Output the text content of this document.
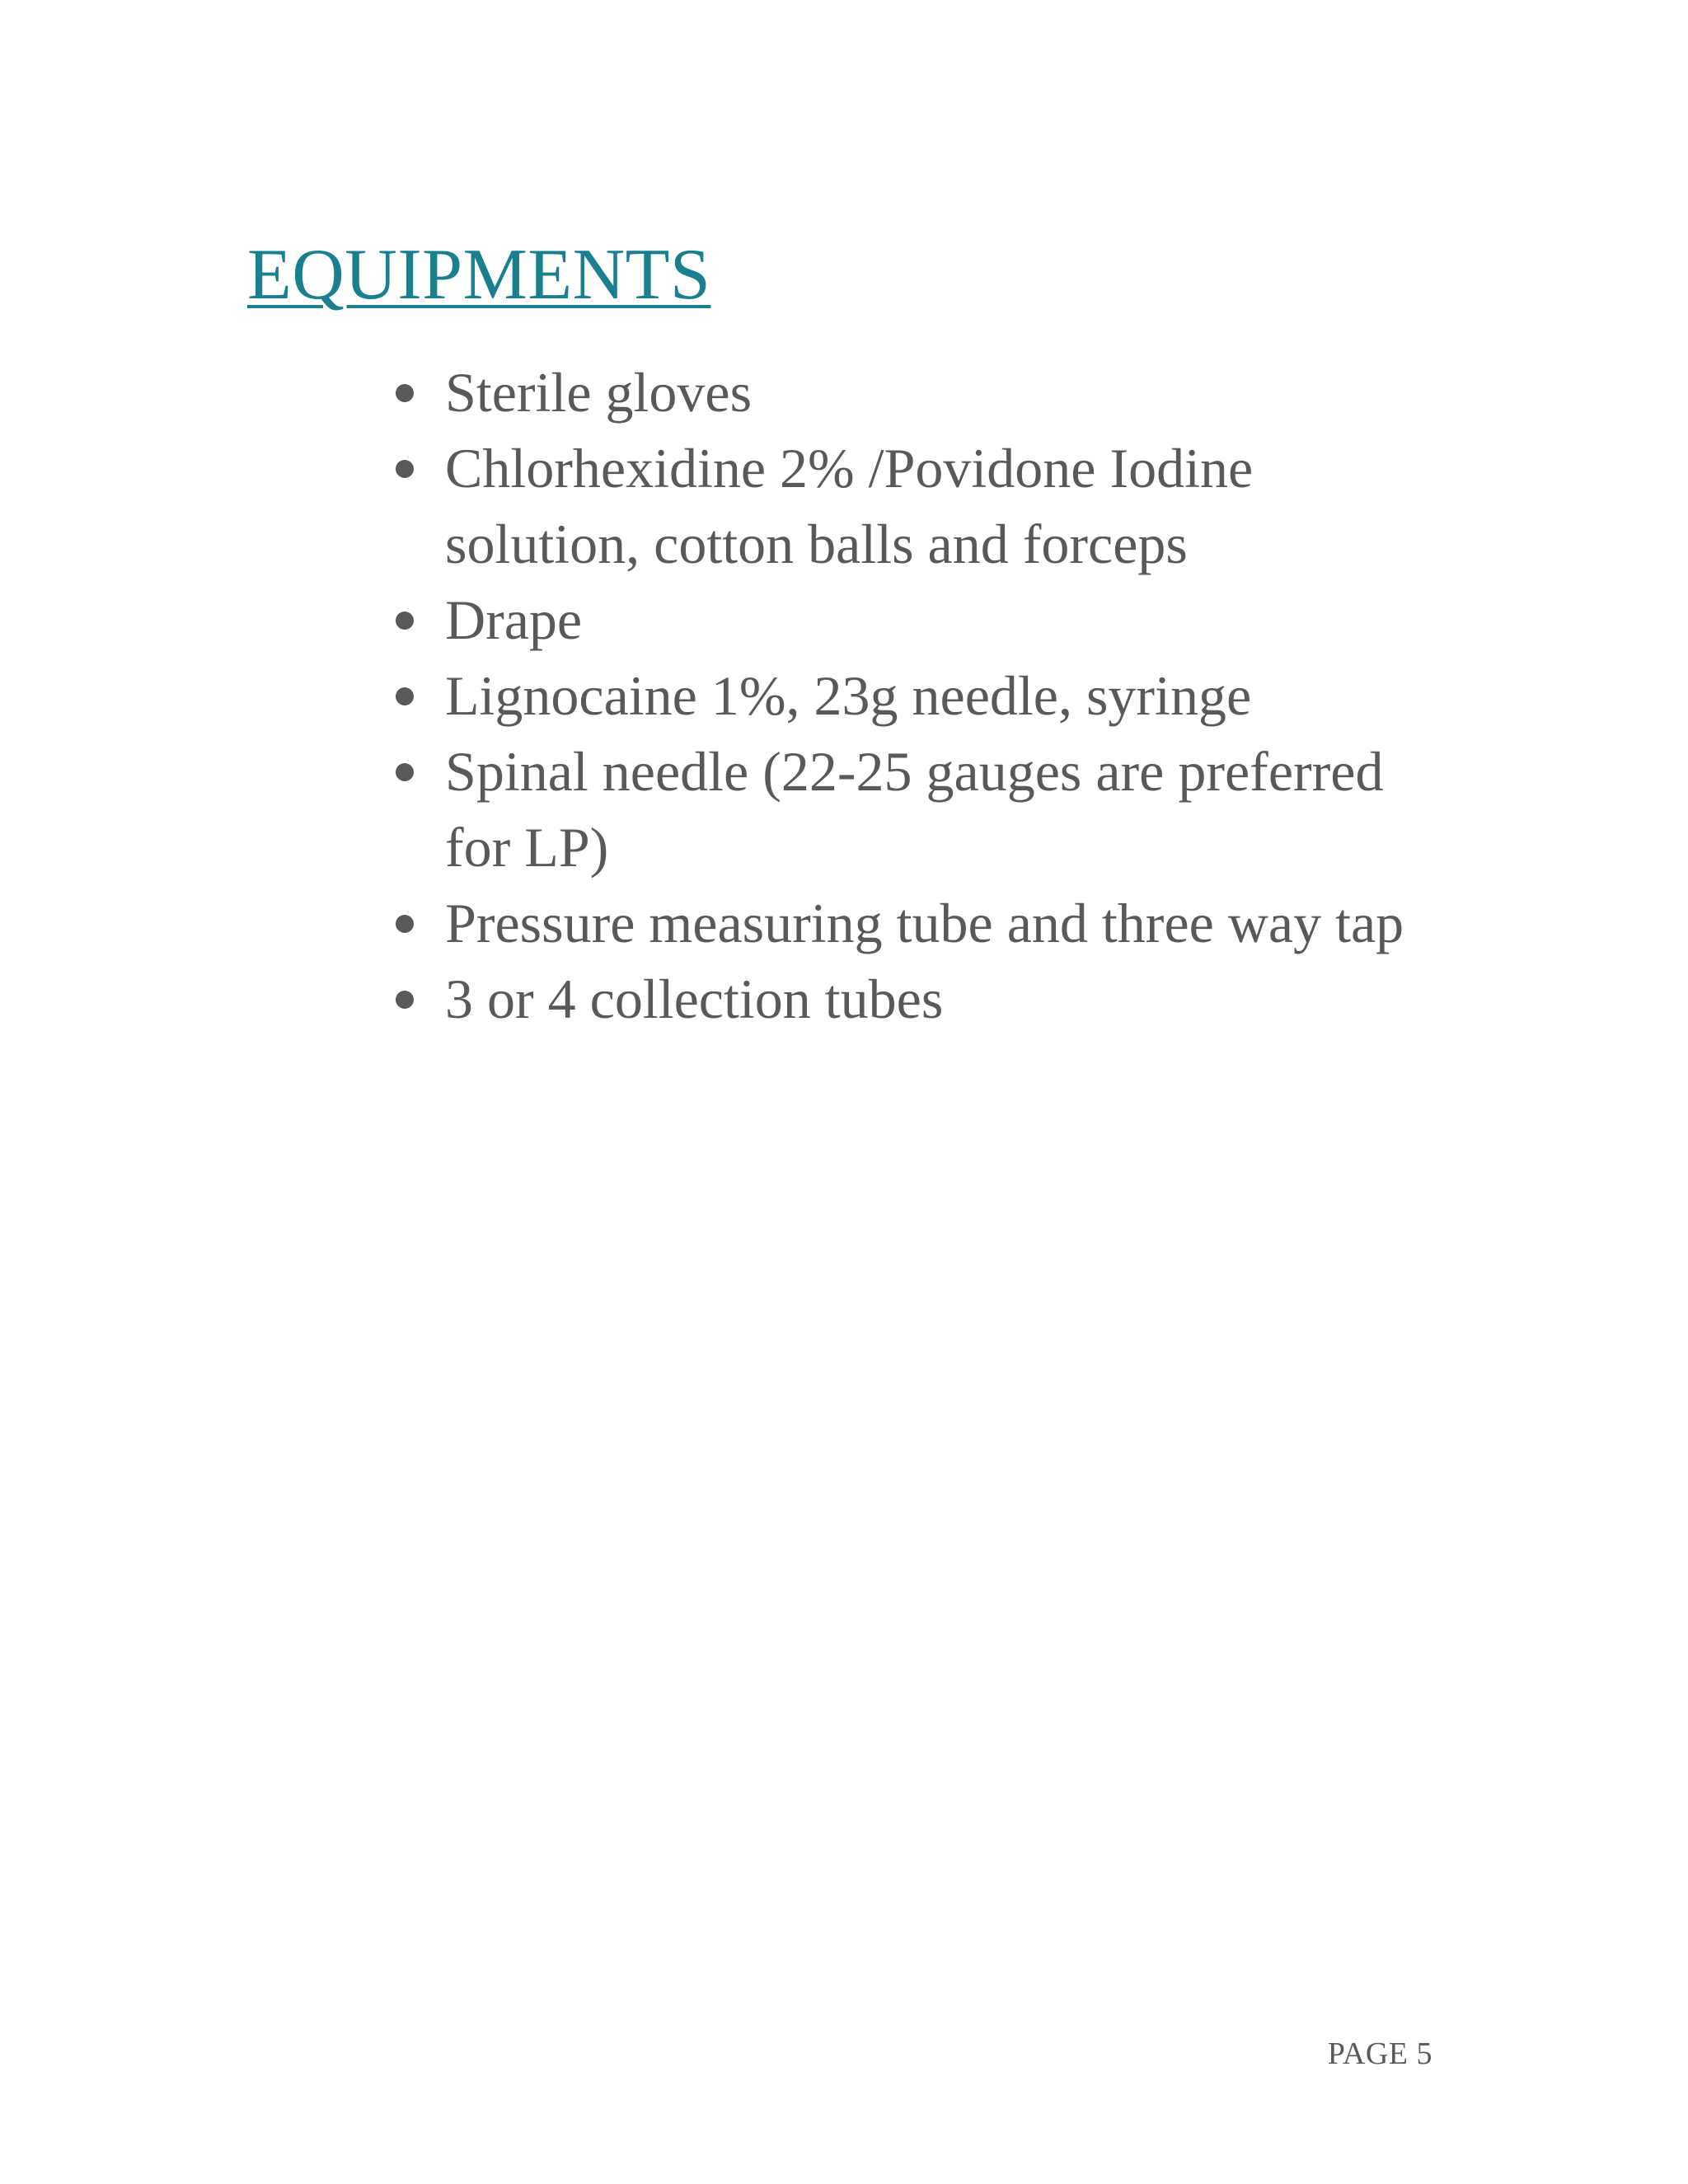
EQUIPMENTS
Sterile gloves
Chlorhexidine 2% /Povidone Iodine solution, cotton balls and forceps
Drape
Lignocaine 1%, 23g needle, syringe
Spinal needle (22-25 gauges are preferred for LP)
Pressure measuring tube and three way tap
3 or 4 collection tubes
PAGE 5
